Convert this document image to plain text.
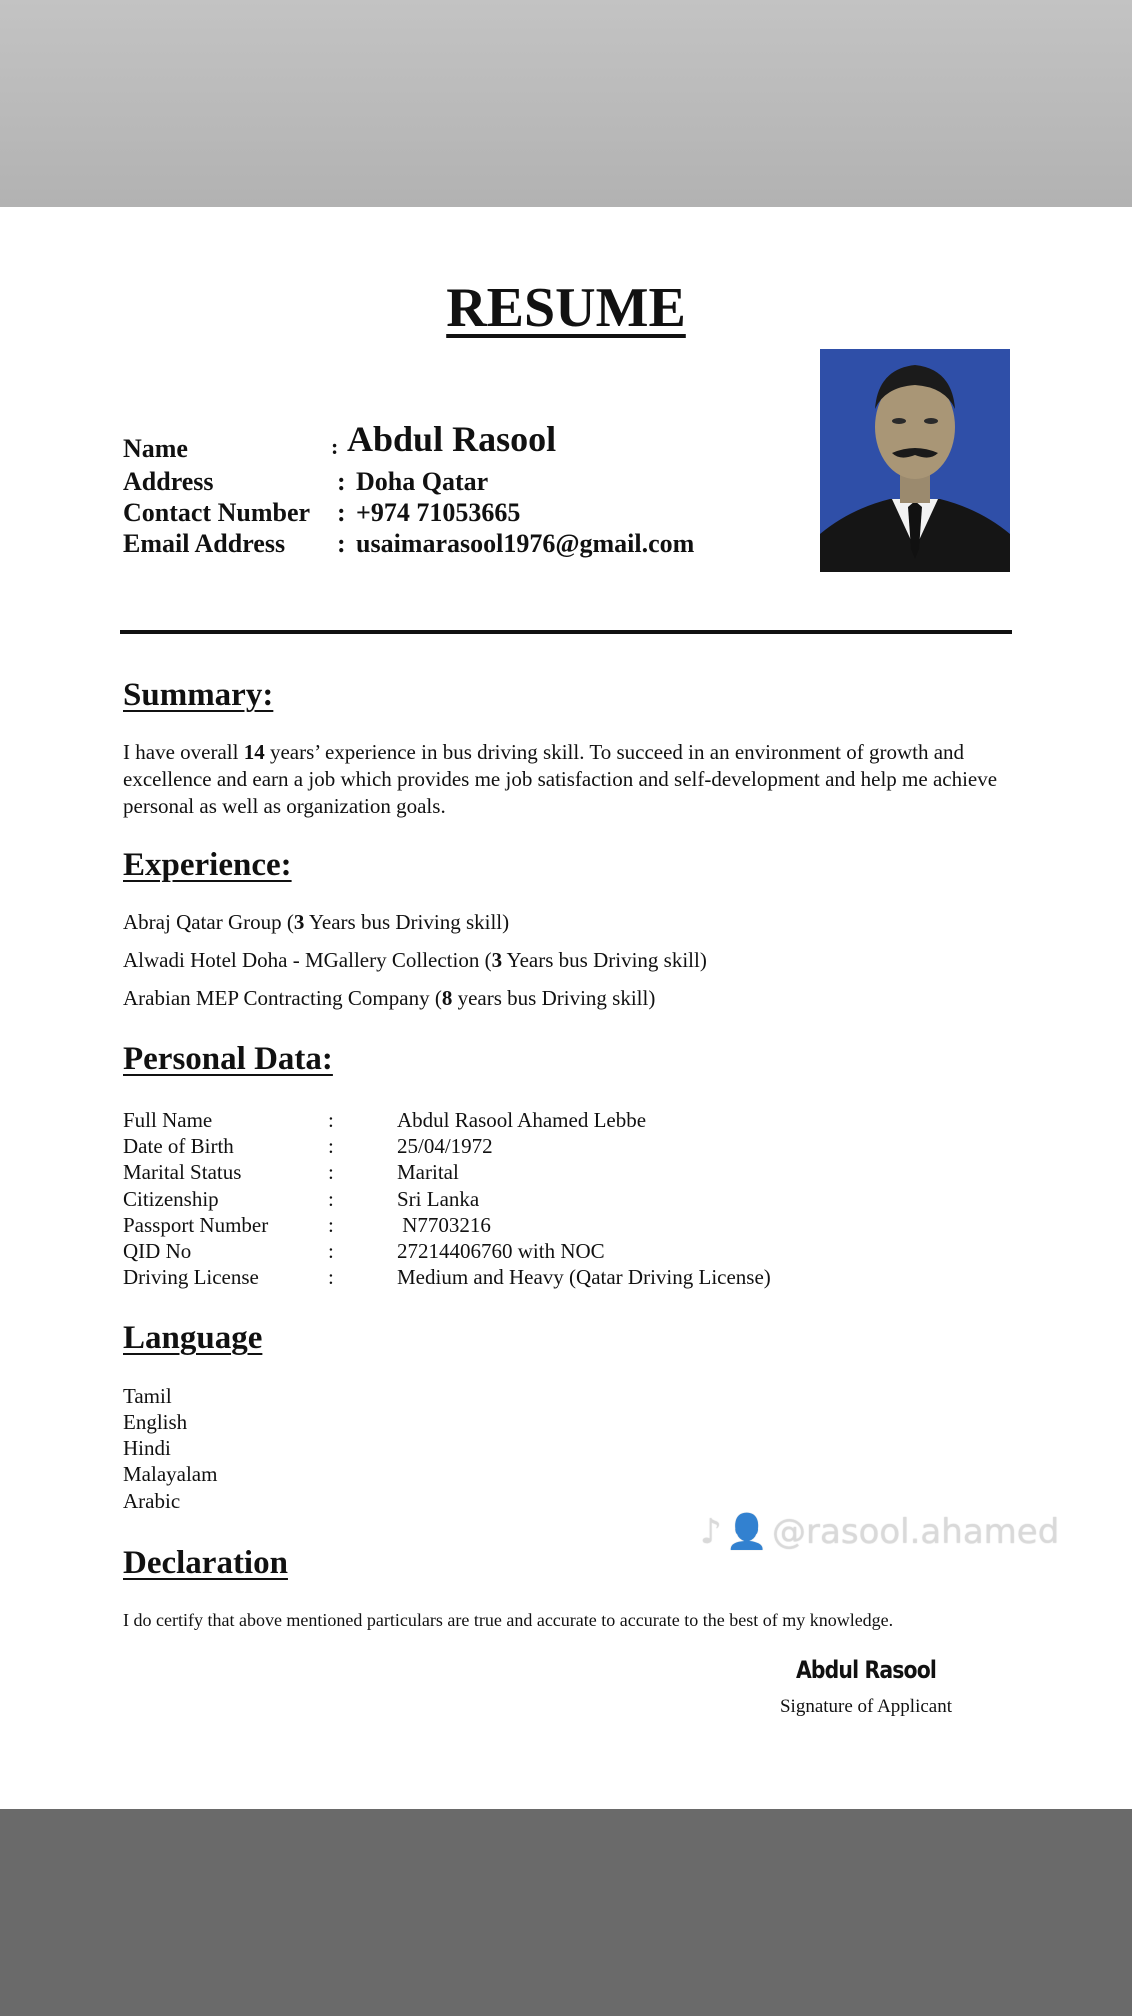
RESUME
Name	: Abdul Rasool
Address	: Doha Qatar
Contact Number : +974 71053665
Email Address : usaimarasool1976@gmail.com
Summary:
I have overall 14 years’ experience in bus driving skill. To succeed in an environment of growth and excellence and earn a job which provides me job satisfaction and self-development and help me achieve personal as well as organization goals.
Experience:
Abraj Qatar Group (3 Years bus Driving skill)
Alwadi Hotel Doha - MGallery Collection (3 Years bus Driving skill)
Arabian MEP Contracting Company (8 years bus Driving skill)
Personal Data:
Full Name	:	Abdul Rasool Ahamed Lebbe
Date of Birth	:	25/04/1972
Marital Status	:	Marital
Citizenship	:	Sri Lanka
Passport Number	:	N7703216
QID No	:	27214406760 with NOC
Driving License	:	Medium and Heavy (Qatar Driving License)
Language
Tamil
English
Hindi
Malayalam
Arabic
♪👤@rasool.ahamed
Declaration
I do certify that above mentioned particulars are true and accurate to accurate to the best of my knowledge.
Abdul Rasool
Signature of Applicant
